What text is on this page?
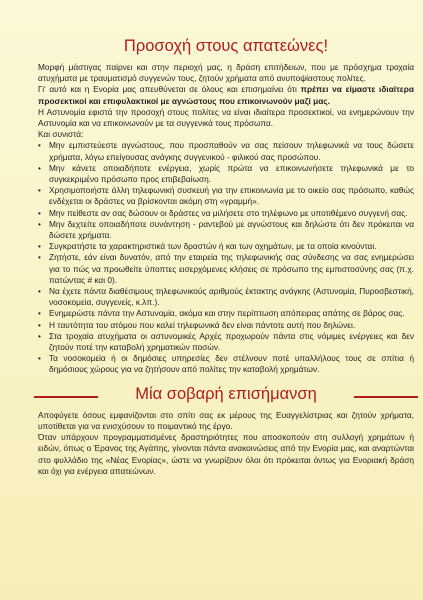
Προσοχή στους απατεώνες!

Μορφή μάστιγας παίρνει και στην περιοχή μας, η δράση επιτήδειων, που με πρόσχημα τροχαία ατυχήματα με τραυματισμό συγγενών τους, ζητούν χρήματα από ανυποψίαστους πολίτες.

Γι' αυτό και η Ενορία μας απευθύνεται σε όλους και επισημαίνει ότι πρέπει να είμαστε ιδιαίτερα προσεκτικοί και επιφυλακτικοί με αγνώστους που επικοινωνούν μαζί μας.

Η Αστυνομία εφιστά την προσοχή στους πολίτες να είναι ιδιαίτερα προσεκτικοί, να ενημερώνουν την Αστυνομία και να επικοινωνούν με τα συγγενικά τους πρόσωπα.

Και συνιστά:

• Μην εμπιστεύεστε αγνώστους, που προσπαθούν να σας πείσουν τηλεφωνικά να τους δώσετε χρήματα, λόγω επείγουσας ανάγκης συγγενικού - φιλικού σας προσώπου.
• Μην κάνετε οποιαδήποτε ενέργεια, χωρίς πρώτα να επικοινωνήσετε τηλεφωνικά με το συγκεκριμένο πρόσωπο προς επιβεβαίωση.
• Χρησιμοποιήστε άλλη τηλεφωνική συσκευή για την επικοινωνία με το οικείο σας πρόσωπο, καθώς ενδέχεται οι δράστες να βρίσκονται ακόμη στη «γραμμή».
• Μην πείθεστε αν σας δώσουν οι δράστες να μιλήσετε στο τηλέφωνο με υποτιθέμενο συγγενή σας.
• Μην δεχτείτε οποιαδήποτε συνάντηση - ραντεβού με αγνώστους και δηλώστε ότι δεν πρόκειται να δώσετε χρήματα.
• Συγκρατήστε τα χαρακτηριστικά των δραστών ή και των οχημάτων, με τα οποία κινούνται.
• Ζητήστε, εάν είναι δυνατόν, από την εταιρεία της τηλεφωνικής σας σύνδεσης να σας ενημερώσει για το πώς να προωθείτε ύποπτες εισερχόμενες κλήσεις σε πρόσωπο της εμπιστοσύνης σας (π.χ. πατώντας # και 0).
• Να έχετε πάντα διαθέσιμους τηλεφωνικούς αριθμούς έκτακτης ανάγκης (Αστυνομία, Πυροσβεστική, νοσοκομεία, συγγενείς, κ.λπ.).
• Ενημερώστε πάντα την Αστυνομία, ακόμα και στην περίπτωση απόπειρας απάτης σε βάρος σας.
• Η ταυτότητα του ατόμου που καλεί τηλεφωνικά δεν είναι πάντοτε αυτή που δηλώνει.
• Στα τροχαία ατυχήματα οι αστυνομικές Αρχές προχωρούν πάντα στις νόμιμες ενέργειες και δεν ζητούν ποτέ την καταβολή χρηματικών ποσών.
• Τα νοσοκομεία ή οι δημόσιες υπηρεσίες δεν στέλνουν ποτέ υπαλλήλους τους σε σπίτια ή δημόσιους χώρους για να ζητήσουν από πολίτες την καταβολή χρημάτων.
Μία σοβαρή επισήμανση

Αποφύγετε όσους εμφανίζονται στο σπίτι σας εκ μέρους της Ευαγγελίστριας και ζητούν χρήματα, υποτίθεται για να ενισχύσουν το ποιμαντικό της έργο.

Όταν υπάρχουν προγραμματισμένες δραστηριότητες που αποσκοπούν στη συλλογή χρημάτων ή ειδών, όπως ο Έρανος της Αγάπης, γίνονται πάντα ανακοινώσεις από την Ενορία μας, και αναρτώνται στο φυλλάδιο της «Νέας Ενορίας», ώστε να γνωρίζουν όλοι ότι πρόκειται όντως για Ενοριακή δράση και όχι για ενέργεια απατεώνων.
